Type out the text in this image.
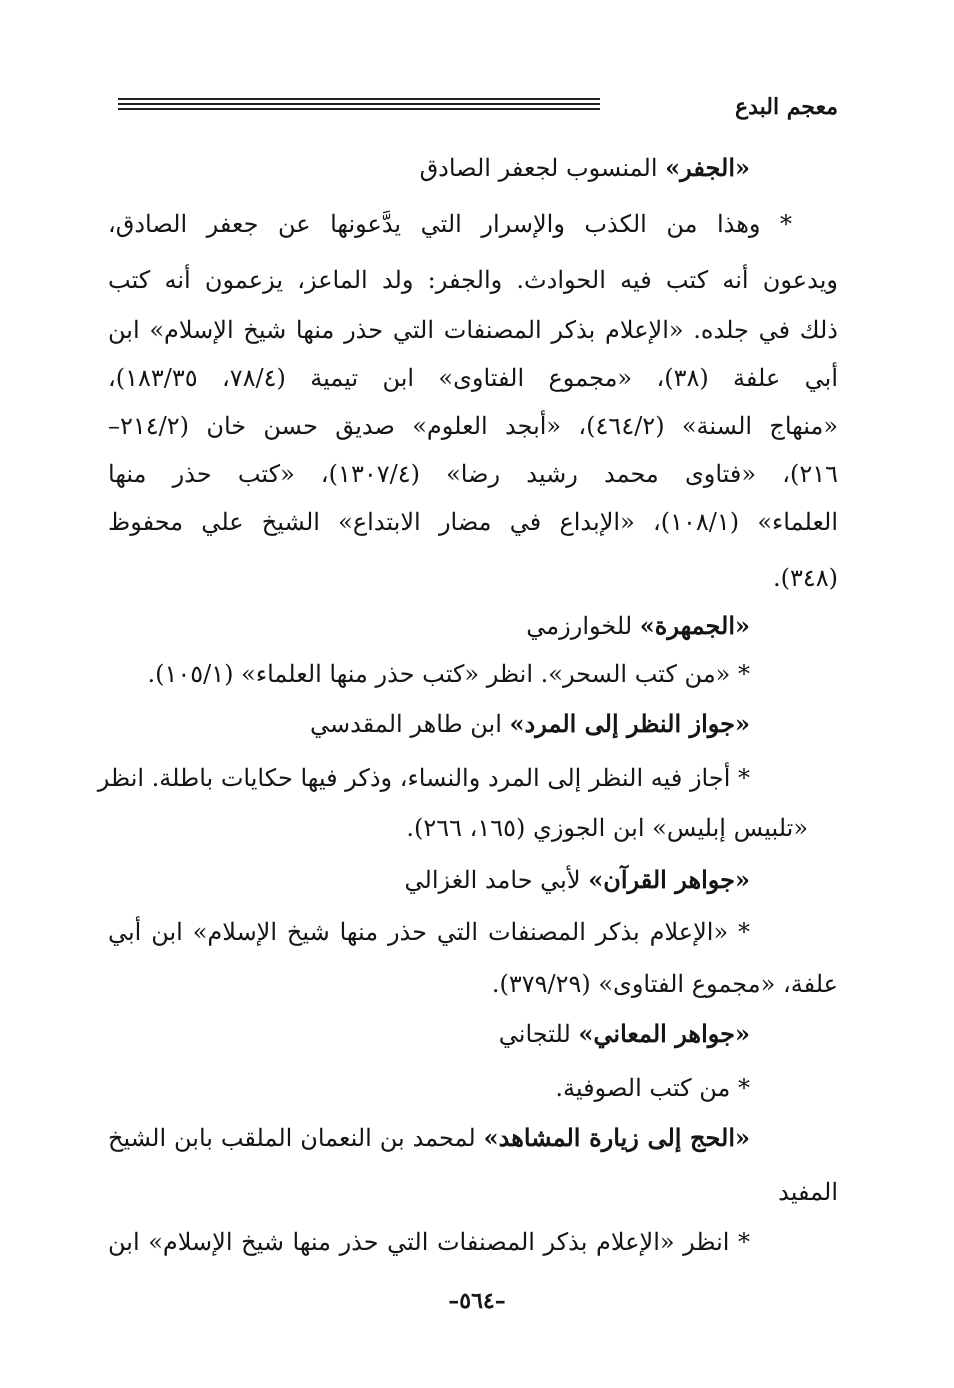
معجم البدع
«الجفر» المنسوب لجعفر الصادق
* وهذا من الكذب والإسرار التي يدَّعونها عن جعفر الصادق،
ويدعون أنه كتب فيه الحوادث. والجفر: ولد الماعز، يزعمون أنه كتب
ذلك في جلده. «الإعلام بذكر المصنفات التي حذر منها شيخ الإسلام» ابن
أبي علفة (٣٨)، «مجموع الفتاوى» ابن تيمية (٧٨/٤، ١٨٣/٣٥)،
«منهاج السنة» (٤٦٤/٢)، «أبجد العلوم» صديق حسن خان (٢١٤/٢–
٢١٦)، «فتاوى محمد رشيد رضا» (١٣٠٧/٤)، «كتب حذر منها
العلماء» (١٠٨/١)، «الإبداع في مضار الابتداع» الشيخ علي محفوظ
(٣٤٨).
«الجمهرة» للخوارزمي
* «من كتب السحر». انظر «كتب حذر منها العلماء» (١٠٥/١).
«جواز النظر إلى المرد» ابن طاهر المقدسي
* أجاز فيه النظر إلى المرد والنساء، وذكر فيها حكايات باطلة. انظر
«تلبيس إبليس» ابن الجوزي (١٦٥، ٢٦٦).
«جواهر القرآن» لأبي حامد الغزالي
* «الإعلام بذكر المصنفات التي حذر منها شيخ الإسلام» ابن أبي
علفة، «مجموع الفتاوى» (٣٧٩/٢٩).
«جواهر المعاني» للتجاني
* من كتب الصوفية.
«الحج إلى زيارة المشاهد» لمحمد بن النعمان الملقب بابن الشيخ
المفيد
* انظر «الإعلام بذكر المصنفات التي حذر منها شيخ الإسلام» ابن
–٥٦٤–
